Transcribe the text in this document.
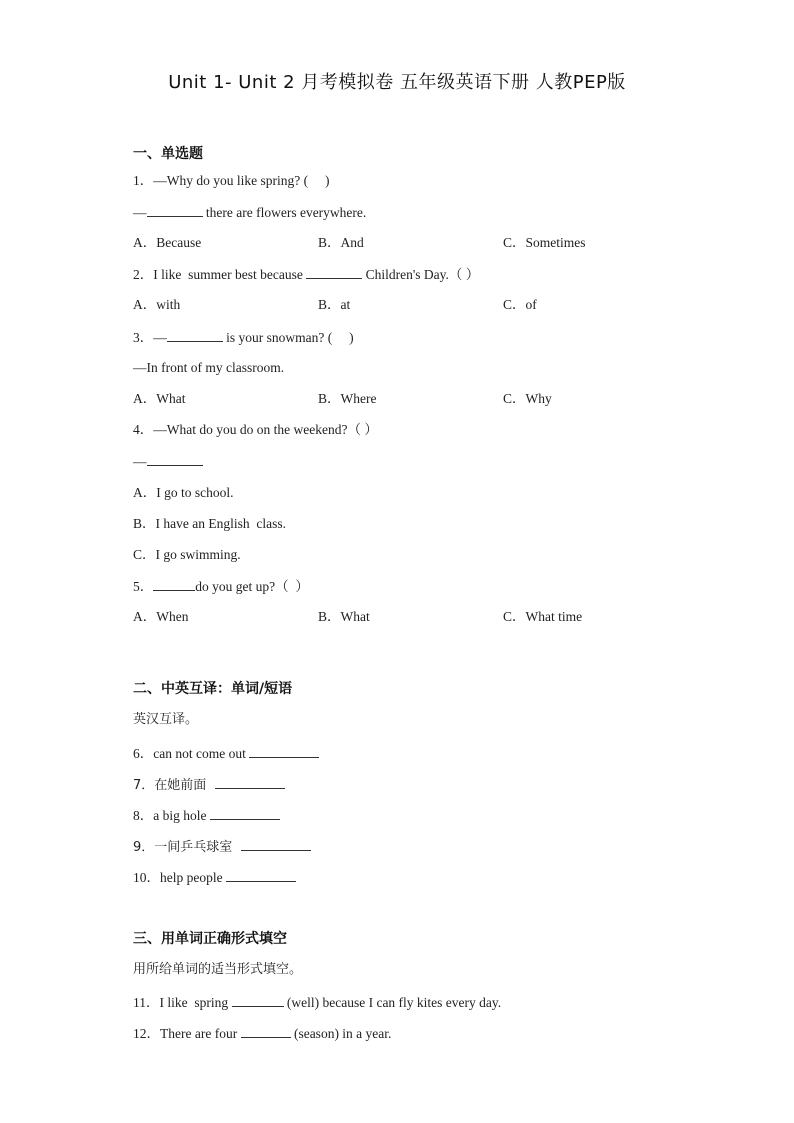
Unit 1- Unit 2 月考模拟卷 五年级英语下册 人教PEP版
一、单选题
1．—Why do you like spring? (     )
—	there are flowers everywhere.
A．Because	B．And	C．Sometimes
2．I like  summer best because	Children's Day.（ ）
A．with	B．at	C．of
3．—	is your snowman? (     )
—In front of my classroom.
A．What	B．Where	C．Why
4．—What do you do on the weekend?（ ）
—
A．I go to school.
B．I have an English  class.
C．I go swimming.
5．	do you get up?（  ）
A．When	B．What	C．What time
二、中英互译：单词/短语
英汉互译。
6．can not come out
7．在她前面
8．a big hole
9．一间乒乓球室
10．help people
三、用单词正确形式填空
用所给单词的适当形式填空。
11．I like  spring	(well) because I can fly kites every day.
12．There are four	(season) in a year.
